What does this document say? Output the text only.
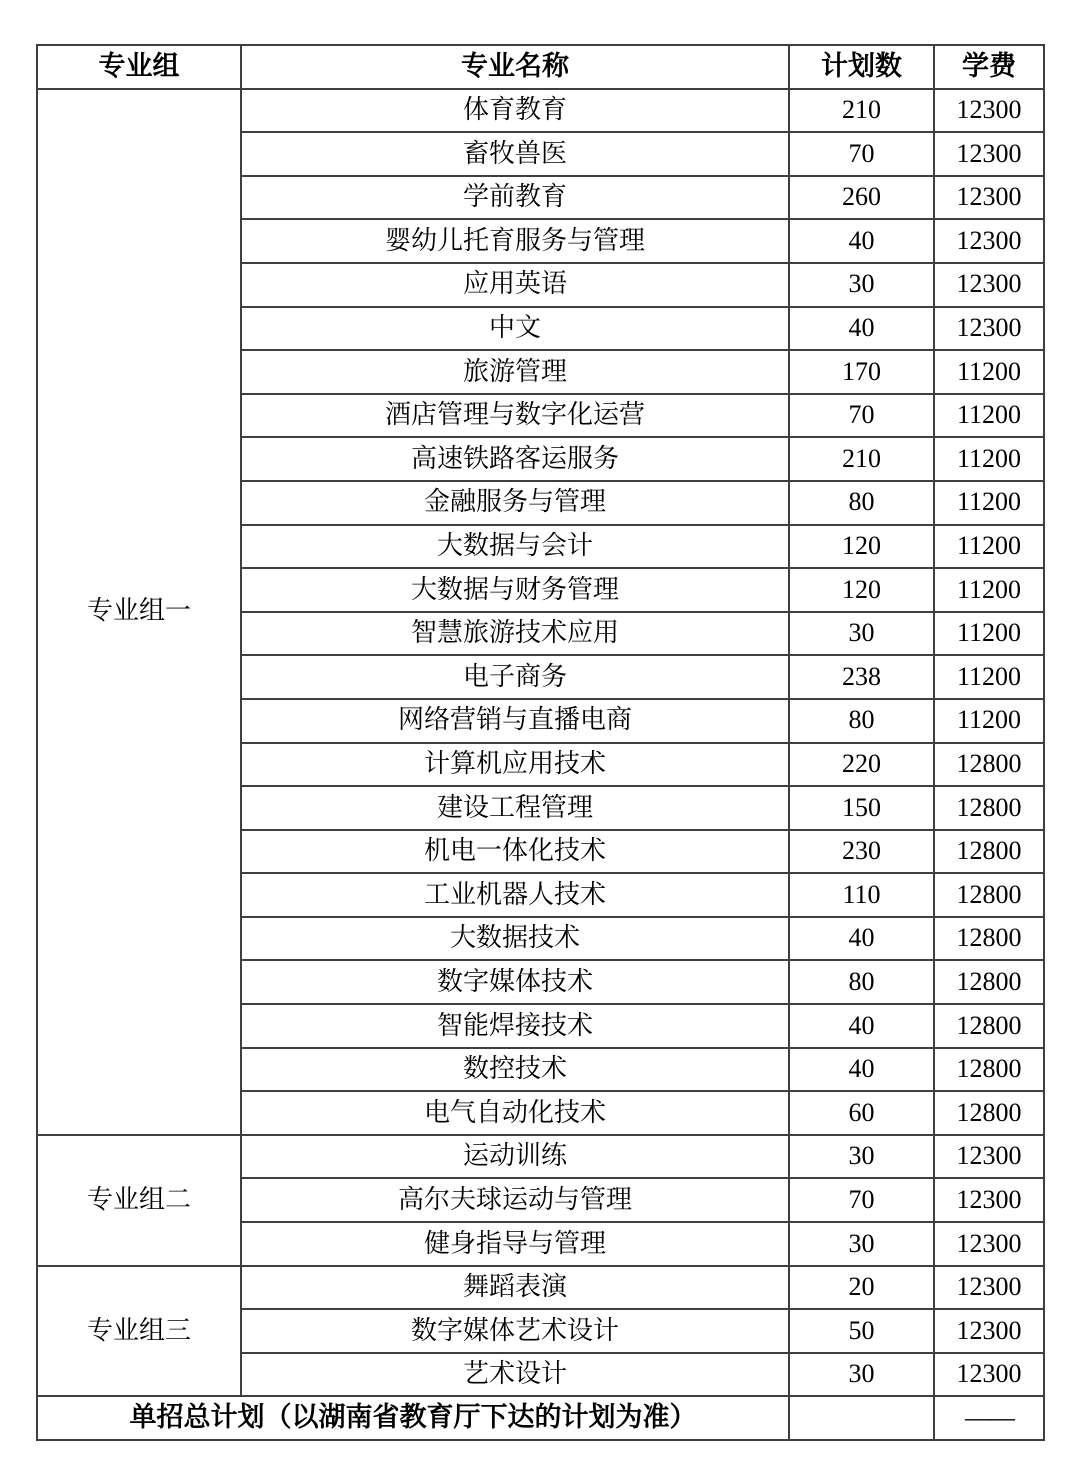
专业组	专业名称	计划数	学费
专业组一	体育教育	210	12300
	畜牧兽医	70	12300
	学前教育	260	12300
	婴幼儿托育服务与管理	40	12300
	应用英语	30	12300
	中文	40	12300
	旅游管理	170	11200
	酒店管理与数字化运营	70	11200
	高速铁路客运服务	210	11200
	金融服务与管理	80	11200
	大数据与会计	120	11200
	大数据与财务管理	120	11200
	智慧旅游技术应用	30	11200
	电子商务	238	11200
	网络营销与直播电商	80	11200
	计算机应用技术	220	12800
	建设工程管理	150	12800
	机电一体化技术	230	12800
	工业机器人技术	110	12800
	大数据技术	40	12800
	数字媒体技术	80	12800
	智能焊接技术	40	12800
	数控技术	40	12800
	电气自动化技术	60	12800
专业组二	运动训练	30	12300
	高尔夫球运动与管理	70	12300
	健身指导与管理	30	12300
专业组三	舞蹈表演	20	12300
	数字媒体艺术设计	50	12300
	艺术设计	30	12300
单招总计划（以湖南省教育厅下达的计划为准）			——
